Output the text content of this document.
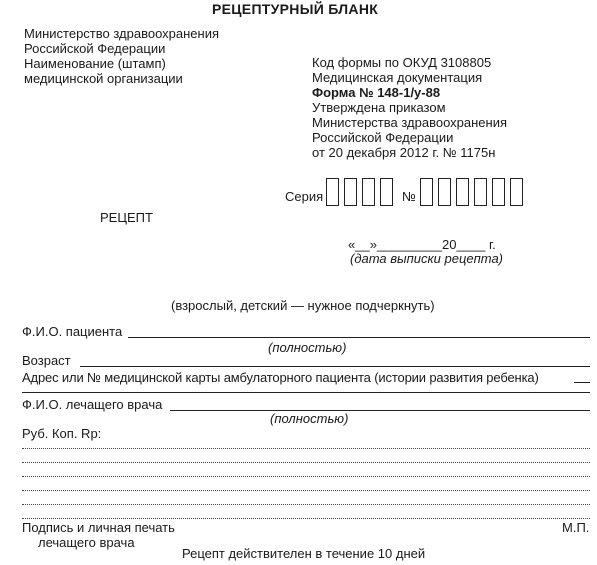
РЕЦЕПТУРНЫЙ БЛАНК
Министерство здравоохранения
Российской Федерации
Наименование (штамп)
медицинской организации
Код формы по ОКУД 3108805
Медицинская документация
Форма № 148-1/у-88
Утверждена приказом
Министерства здравоохранения
Российской Федерации
от 20 декабря 2012 г. № 1175н
Серия	№
РЕЦЕПТ
«__»_________20____ г.
(дата выписки рецепта)
(взрослый, детский — нужное подчеркнуть)
Ф.И.О. пациента
(полностью)
Возраст
Адрес или № медицинской карты амбулаторного пациента (истории развития ребенка)
Ф.И.О. лечащего врача
(полностью)
Руб. Коп. Rp:
Подпись и личная печать
лечащего врача
М.П.
Рецепт действителен в течение 10 дней
